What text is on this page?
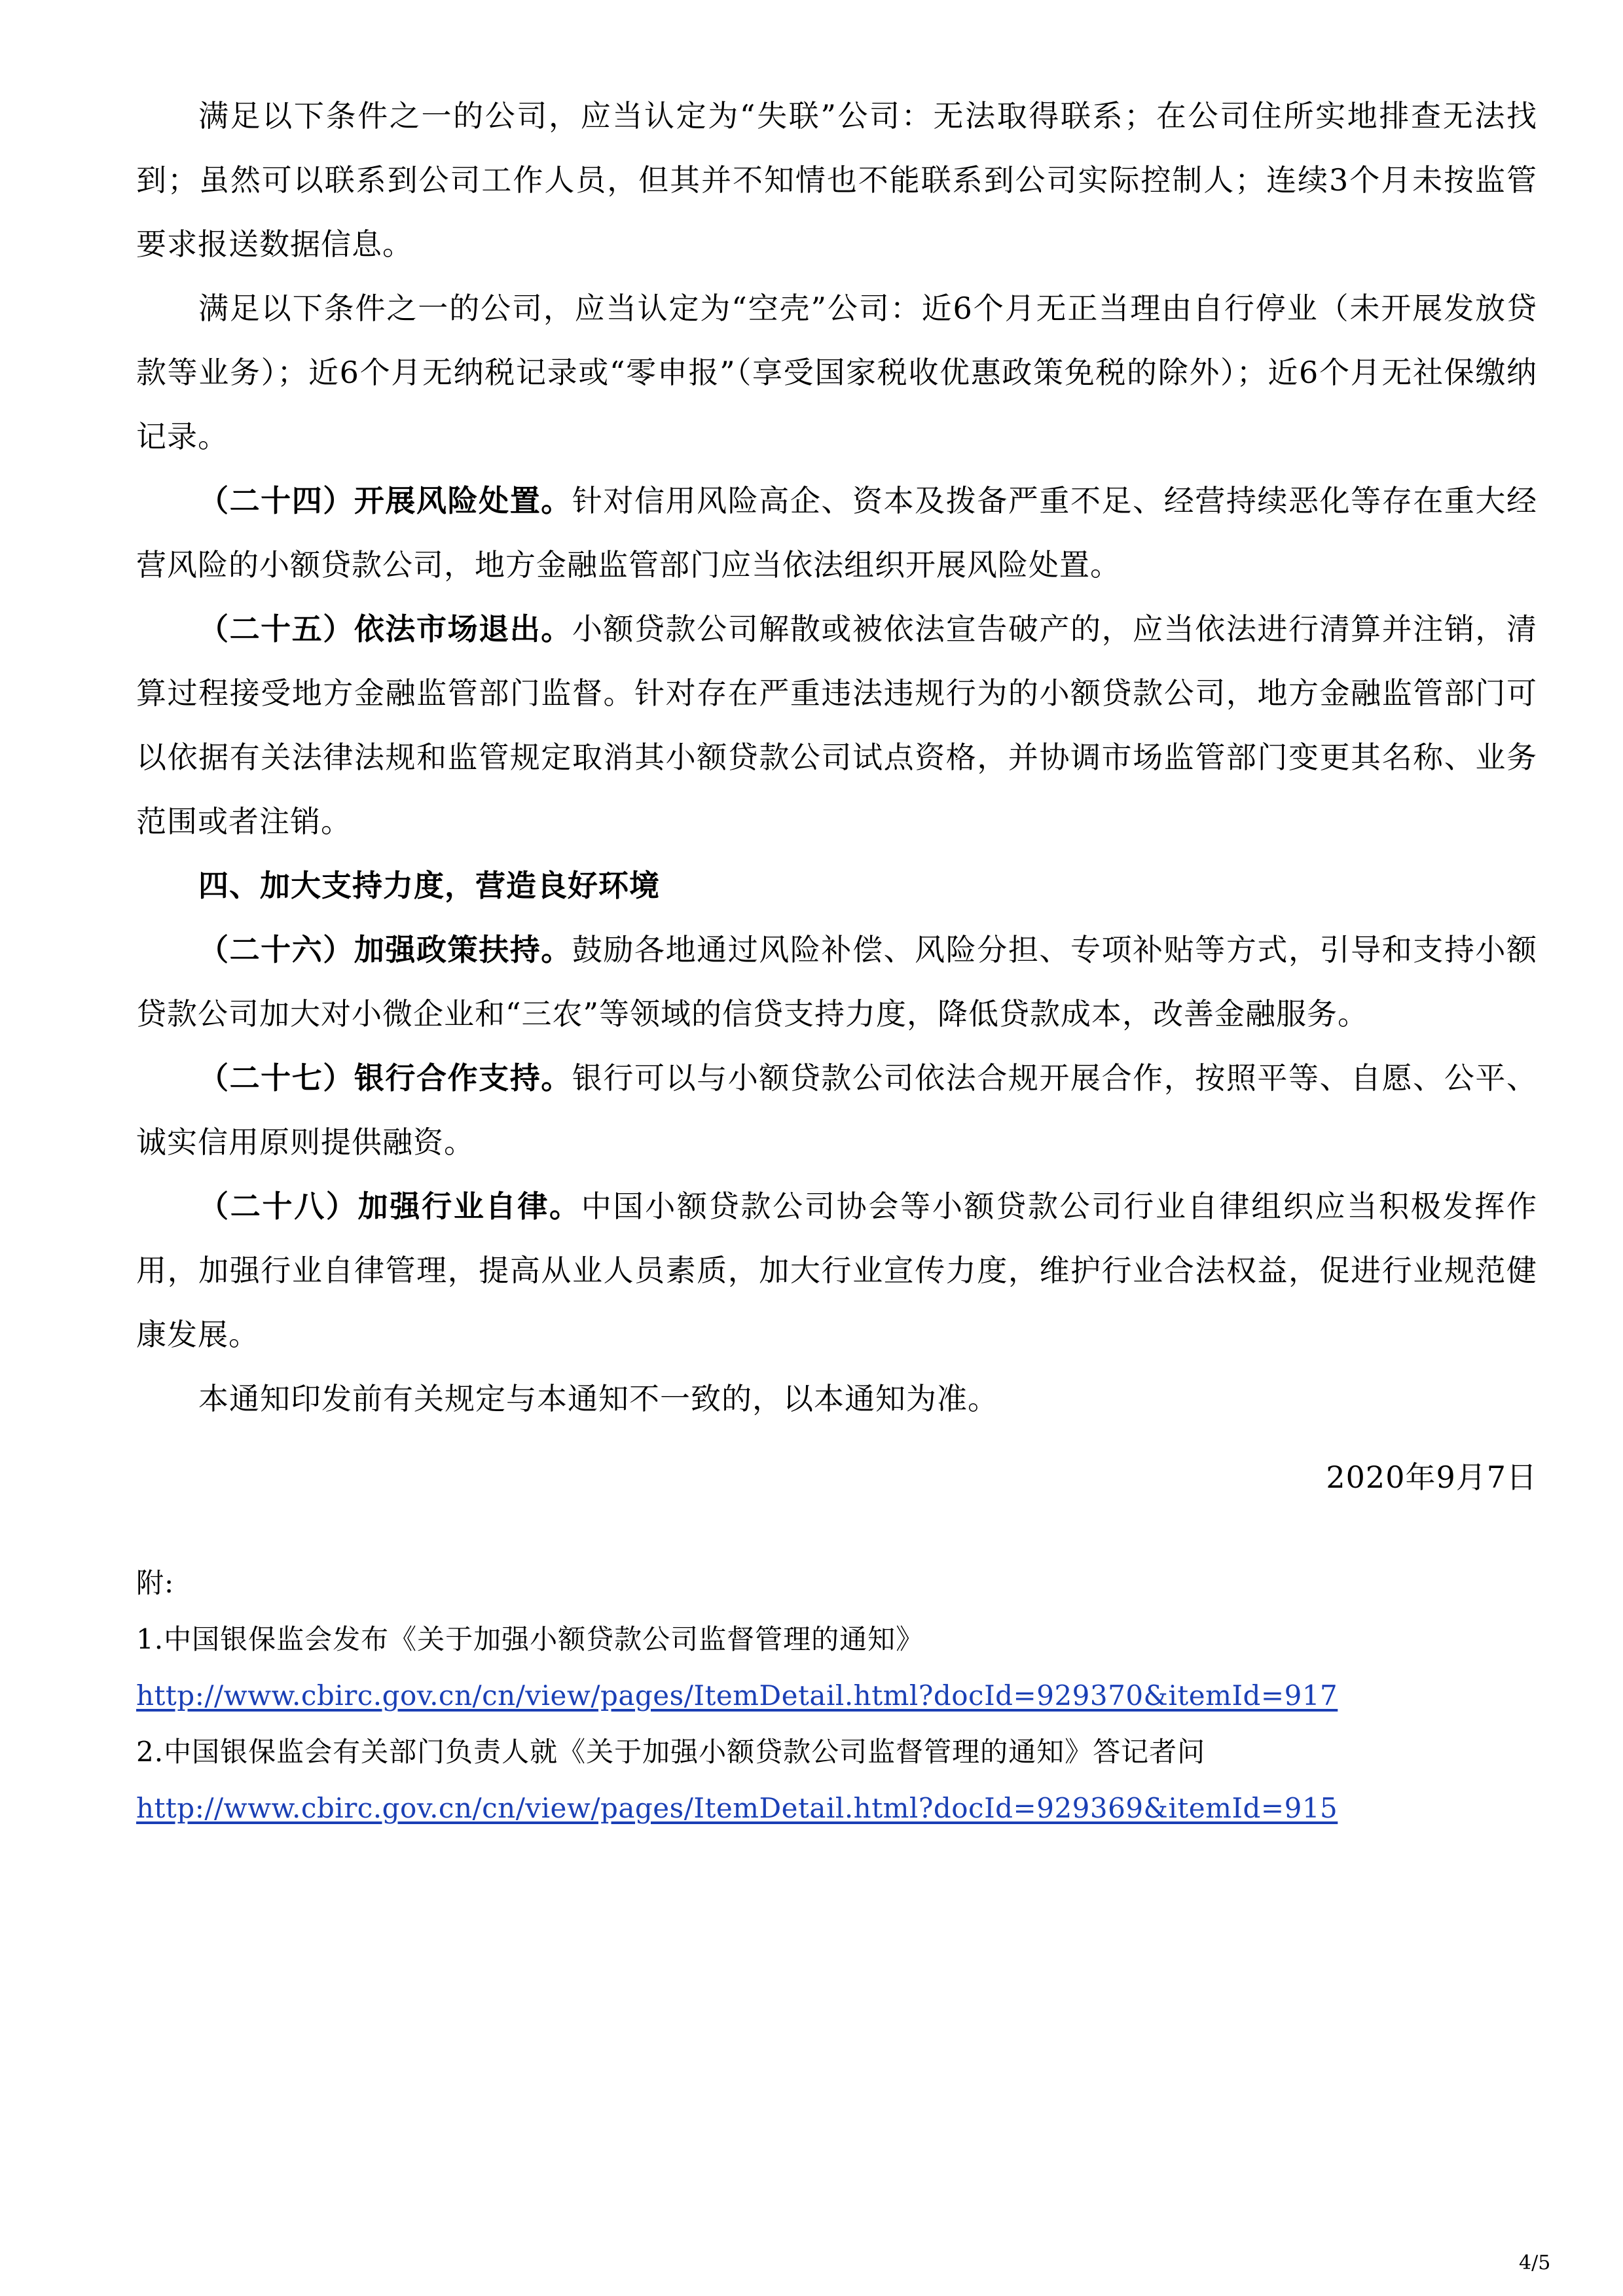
满足以下条件之一的公司，应当认定为“失联”公司：无法取得联系；在公司住所实地排查无法找到；虽然可以联系到公司工作人员，但其并不知情也不能联系到公司实际控制人；连续3个月未按监管要求报送数据信息。

满足以下条件之一的公司，应当认定为“空壳”公司：近6个月无正当理由自行停业（未开展发放贷款等业务）；近6个月无纳税记录或“零申报”（享受国家税收优惠政策免税的除外）；近6个月无社保缴纳记录。

（二十四）开展风险处置。针对信用风险高企、资本及拨备严重不足、经营持续恶化等存在重大经营风险的小额贷款公司，地方金融监管部门应当依法组织开展风险处置。

（二十五）依法市场退出。小额贷款公司解散或被依法宣告破产的，应当依法进行清算并注销，清算过程接受地方金融监管部门监督。针对存在严重违法违规行为的小额贷款公司，地方金融监管部门可以依据有关法律法规和监管规定取消其小额贷款公司试点资格，并协调市场监管部门变更其名称、业务范围或者注销。

四、加大支持力度，营造良好环境

（二十六）加强政策扶持。鼓励各地通过风险补偿、风险分担、专项补贴等方式，引导和支持小额贷款公司加大对小微企业和“三农”等领域的信贷支持力度，降低贷款成本，改善金融服务。

（二十七）银行合作支持。银行可以与小额贷款公司依法合规开展合作，按照平等、自愿、公平、诚实信用原则提供融资。

（二十八）加强行业自律。中国小额贷款公司协会等小额贷款公司行业自律组织应当积极发挥作用，加强行业自律管理，提高从业人员素质，加大行业宣传力度，维护行业合法权益，促进行业规范健康发展。

本通知印发前有关规定与本通知不一致的，以本通知为准。

2020年9月7日

附:

1.中国银保监会发布《关于加强小额贷款公司监督管理的通知》

http://www.cbirc.gov.cn/cn/view/pages/ItemDetail.html?docId=929370&itemId=917

2.中国银保监会有关部门负责人就《关于加强小额贷款公司监督管理的通知》答记者问

http://www.cbirc.gov.cn/cn/view/pages/ItemDetail.html?docId=929369&itemId=915

4/5
